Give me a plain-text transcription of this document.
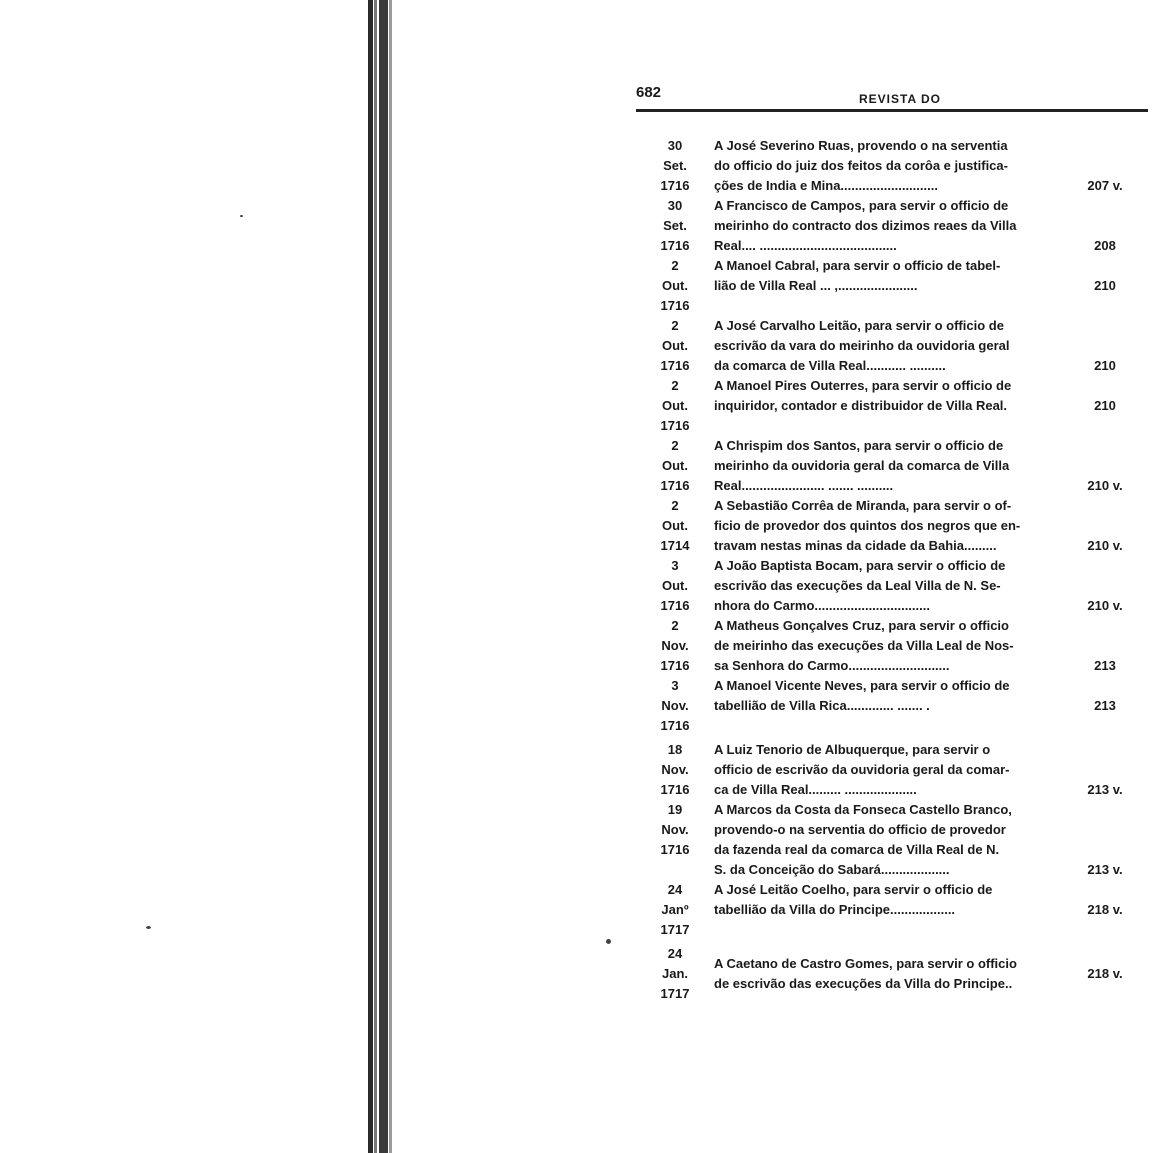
682	REVISTA DO
30
Set.
1716
A José Severino Ruas, provendo o na serventia
do officio do juiz dos feitos da corôa e justifica-
ções de India e Mina...........................	207 v.
30
Set.
1716
A Francisco de Campos, para servir o officio de
meirinho do contracto dos dizimos reaes da Villa
Real.... ......................................	208
2
Out.
1716
A Manoel Cabral, para servir o officio de tabel-
lião de Villa Real ... ,......................	210
2
Out.
1716
A José Carvalho Leitão, para servir o officio de
escrivão da vara do meirinho da ouvidoria geral
da comarca de Villa Real........... ..........	210
2
Out.
1716
A Manoel Pires Outerres, para servir o officio de
inquiridor, contador e distribuidor de Villa Real.	210
2
Out.
1716
A Chrispim dos Santos, para servir o officio de
meirinho da ouvidoria geral da comarca de Villa
Real....................... ....... ..........	210 v.
2
Out.
1714
A Sebastião Corrêa de Miranda, para servir o of-
ficio de provedor dos quintos dos negros que en-
travam nestas minas da cidade da Bahia.........	210 v.
3
Out.
1716
A João Baptista Bocam, para servir o officio de
escrivão das execuções da Leal Villa de N. Se-
nhora do Carmo................................	210 v.
2
Nov.
1716
A Matheus Gonçalves Cruz, para servir o officio
de meirinho das execuções da Villa Leal de Nos-
sa Senhora do Carmo............................	213
3
Nov.
1716
A Manoel Vicente Neves, para servir o officio de
tabellião de Villa Rica............. ....... .	213
18
Nov.
1716
A Luiz Tenorio de Albuquerque, para servir o
officio de escrivão da ouvidoria geral da comar-
ca de Villa Real......... ....................	213 v.
19
Nov.
1716
A Marcos da Costa da Fonseca Castello Branco,
provendo-o na serventia do officio de provedor
da fazenda real da comarca de Villa Real de N.
S. da Conceição do Sabará...................	213 v.
24
Janº
1717
A José Leitão Coelho, para servir o officio de
tabellião da Villa do Principe..................	218 v.
24
Jan.
1717
A Caetano de Castro Gomes, para servir o officio
de escrivão das execuções da Villa do Principe..
218 v.
